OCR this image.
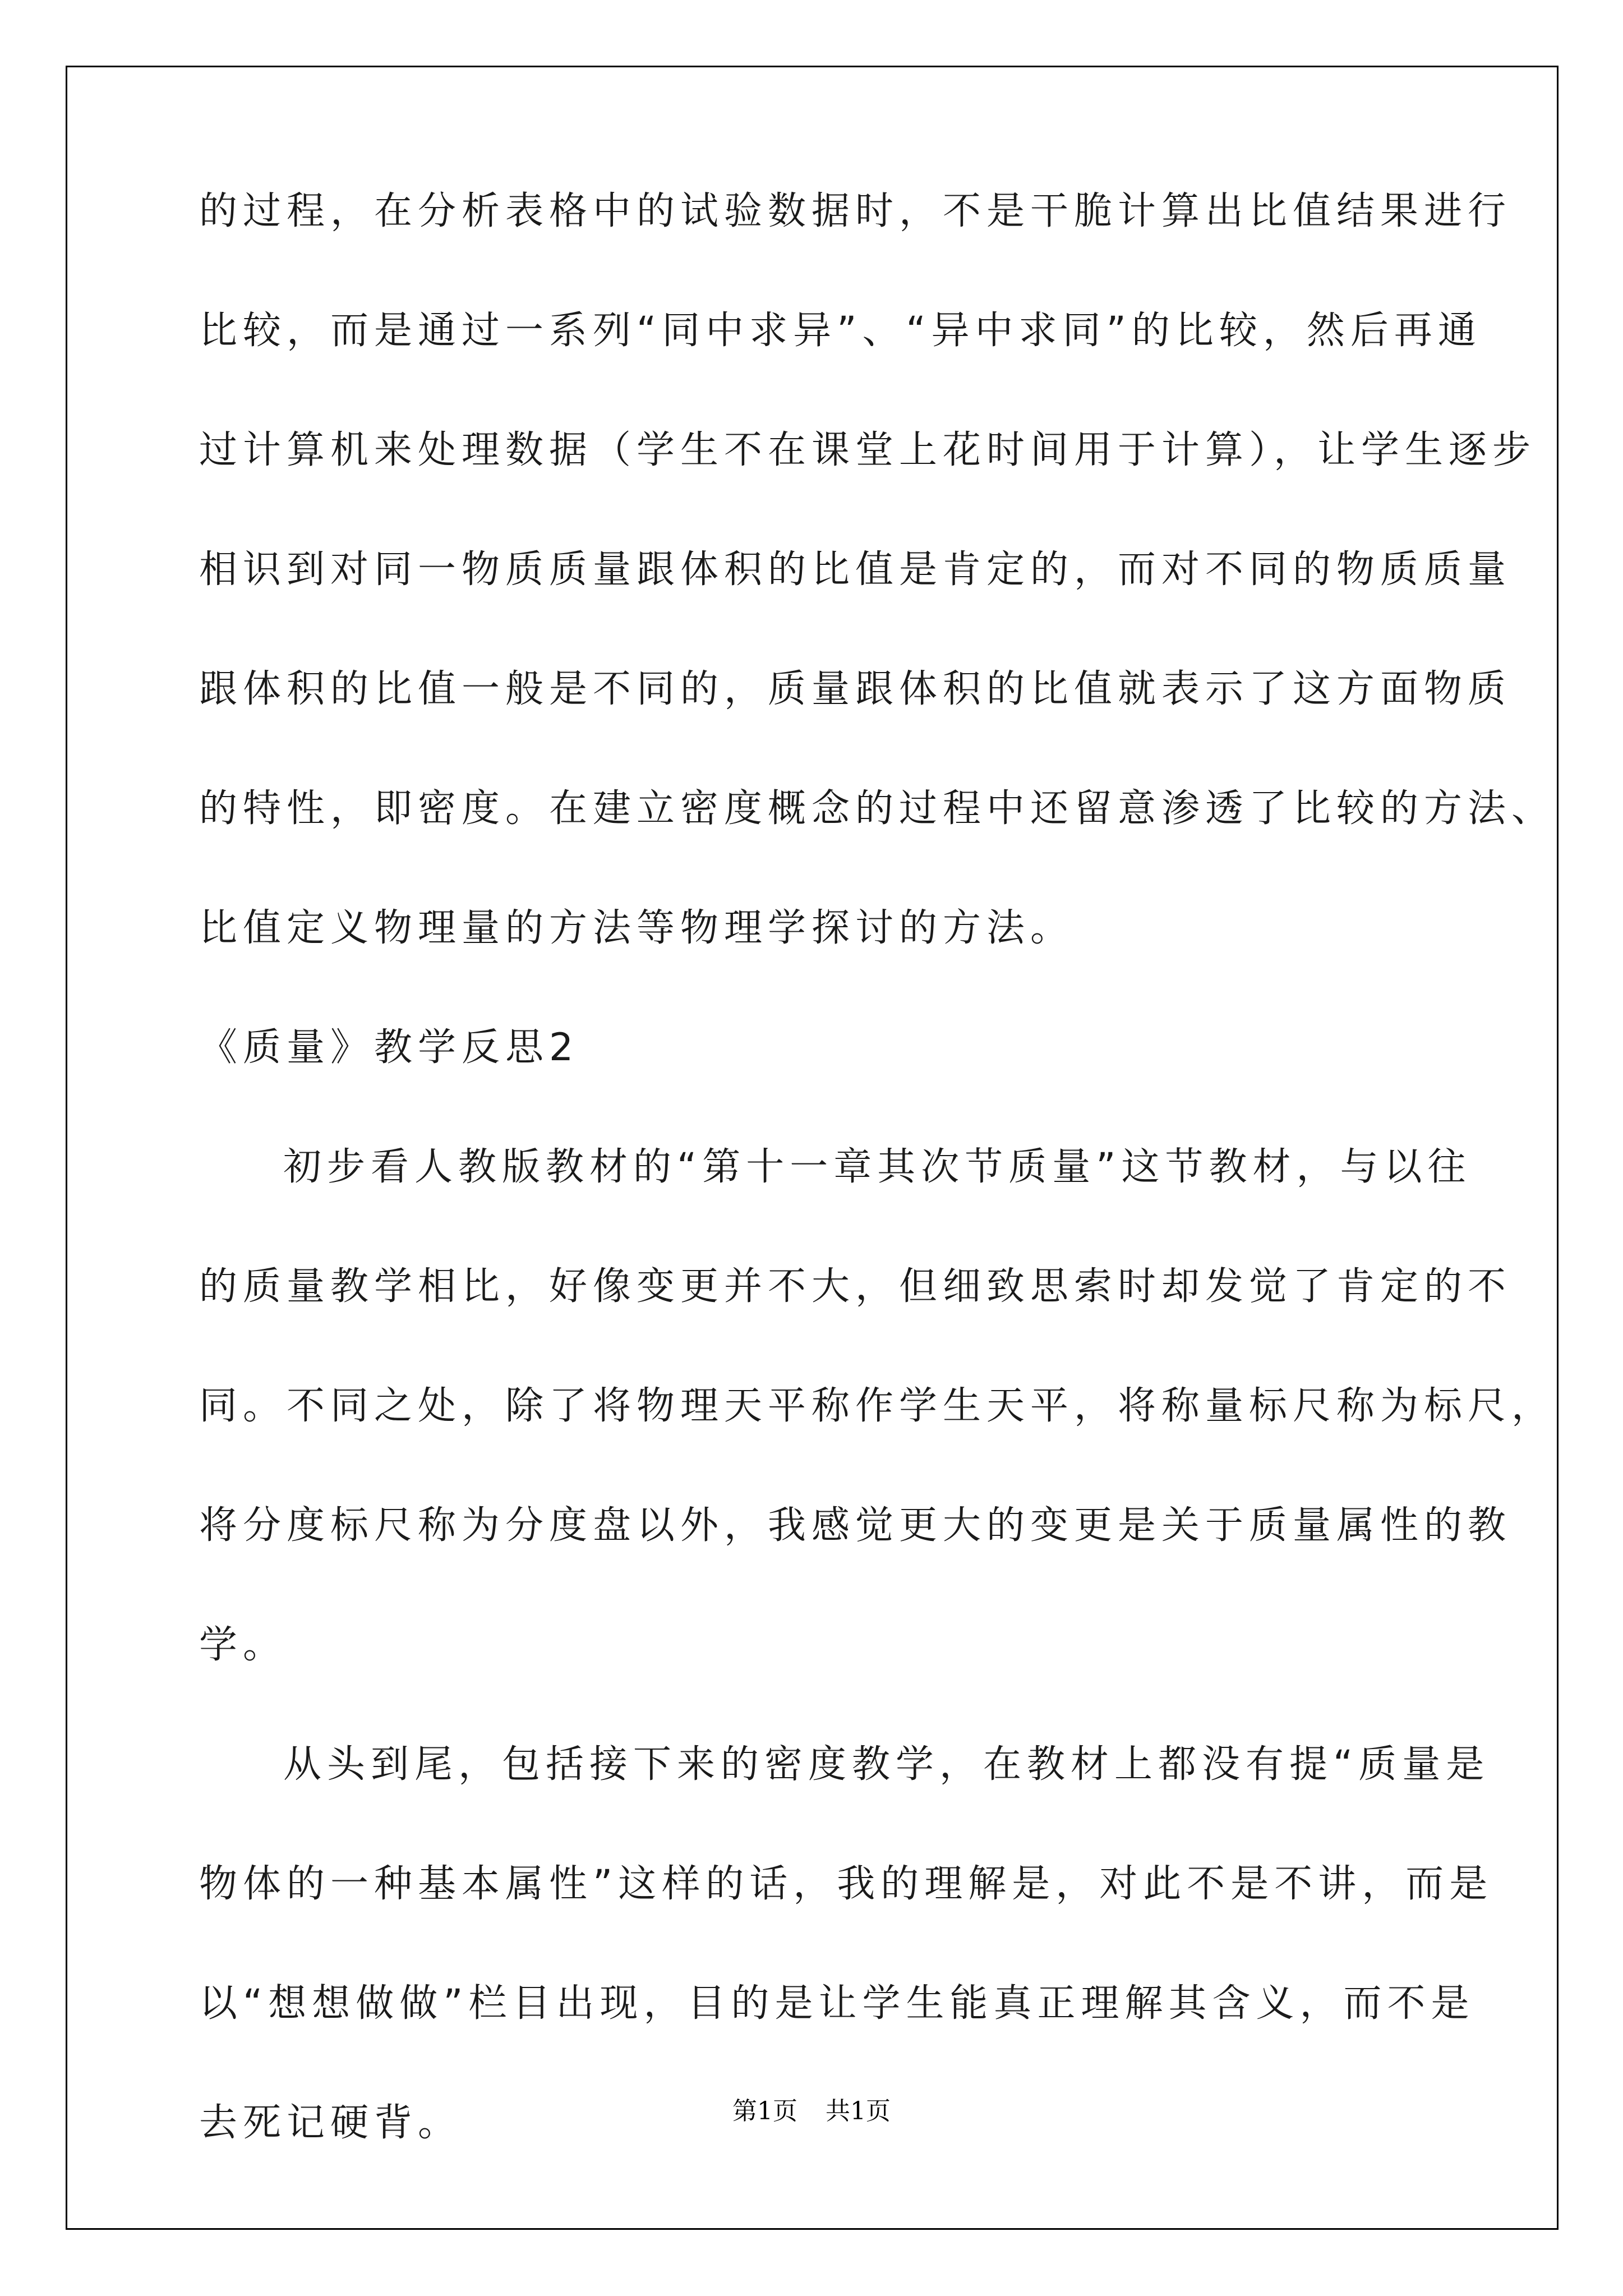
的过程，在分析表格中的试验数据时，不是干脆计算出比值结果进行
比较，而是通过一系列“同中求异”、“异中求同”的比较，然后再通
过计算机来处理数据（学生不在课堂上花时间用于计算），让学生逐步
相识到对同一物质质量跟体积的比值是肯定的，而对不同的物质质量
跟体积的比值一般是不同的，质量跟体积的比值就表示了这方面物质
的特性，即密度。在建立密度概念的过程中还留意渗透了比较的方法、
比值定义物理量的方法等物理学探讨的方法。
《质量》教学反思2
初步看人教版教材的“第十一章其次节质量”这节教材，与以往
的质量教学相比，好像变更并不大，但细致思索时却发觉了肯定的不
同。不同之处，除了将物理天平称作学生天平，将称量标尺称为标尺，
将分度标尺称为分度盘以外，我感觉更大的变更是关于质量属性的教
学。
从头到尾，包括接下来的密度教学，在教材上都没有提“质量是
物体的一种基本属性”这样的话，我的理解是，对此不是不讲，而是
以“想想做做”栏目出现，目的是让学生能真正理解其含义，而不是
去死记硬背。	第1页 共1页
